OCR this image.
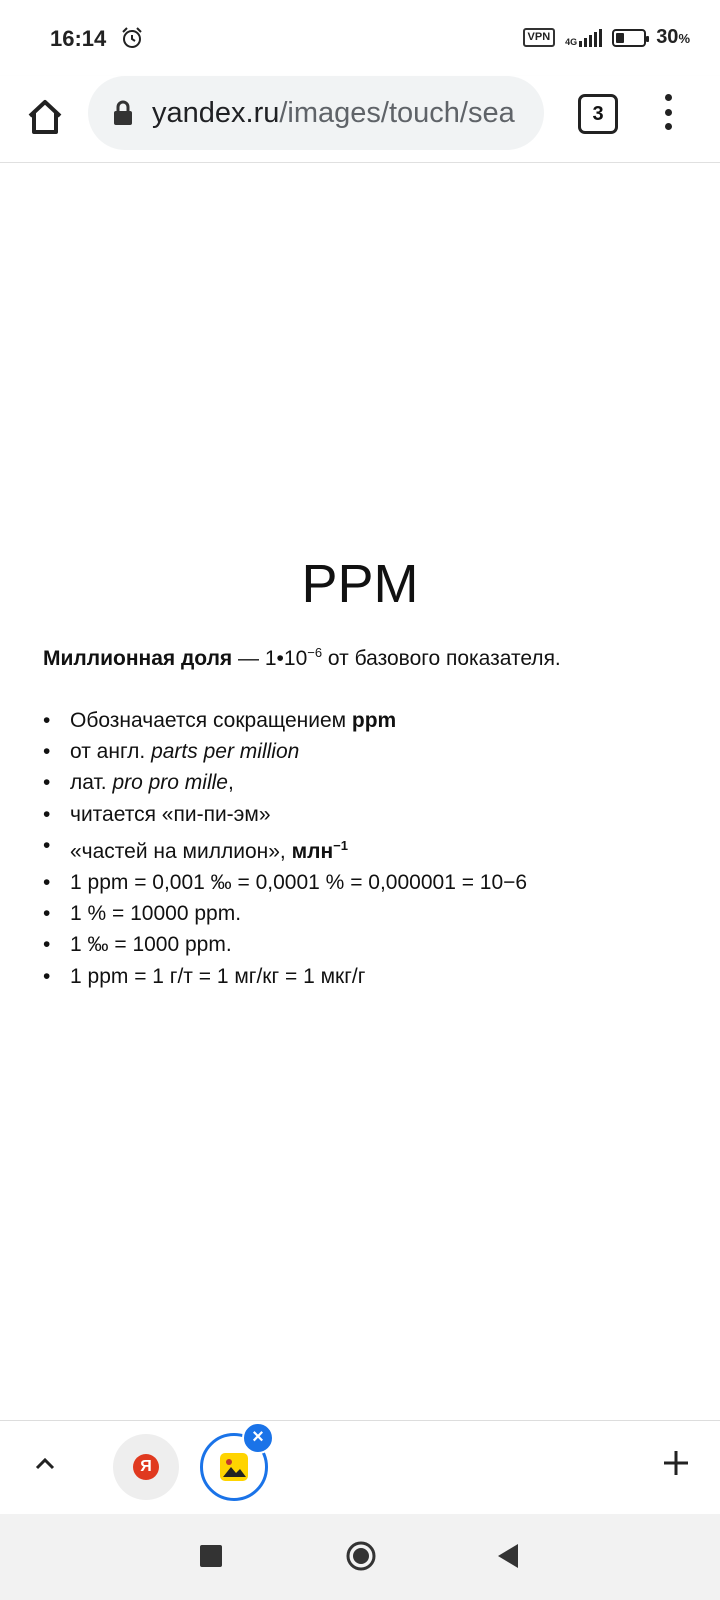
16:14	VPN	4G	30%
yandex.ru/images/touch/sea	3
PPM
Миллионная доля — $1•10^{-6}$ от базового показателя.
• Обозначается сокращением ppm
• от англ. parts per million
• лат. pro pro mille,
• читается «пи-пи-эм»
• «частей на миллион», млн$^{-1}$
• 1 ppm = 0,001 ‰ = 0,0001 % = 0,000001 = 10−6
• 1 % = 10000 ppm.
• 1 ‰ = 1000 ppm.
• 1 ppm = 1 г/т = 1 мг/кг = 1 мкг/г
Я
×
